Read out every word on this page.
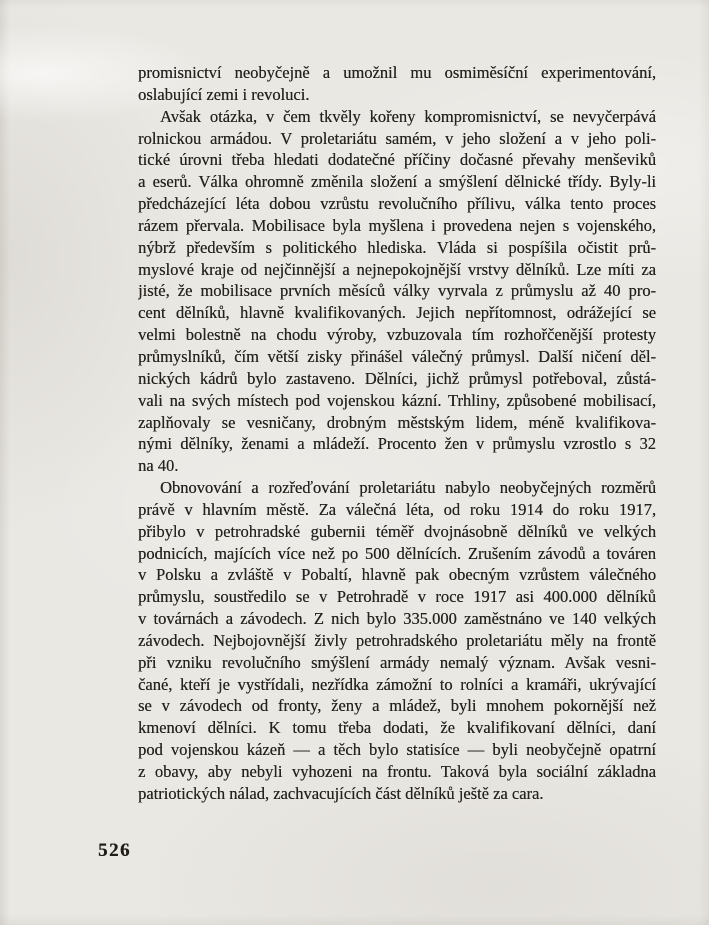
promisnictví neobyčejně a umožnil mu osmiměsíční experimentování,
oslabující zemi i revoluci.
Avšak otázka, v čem tkvěly kořeny kompromisnictví, se nevyčerpává
rolnickou armádou. V proletariátu samém, v jeho složení a v jeho poli-
tické úrovni třeba hledati dodatečné příčiny dočasné převahy menševiků
a eserů. Válka ohromně změnila složení a smýšlení dělnické třídy. Byly-li
předcházející léta dobou vzrůstu revolučního přílivu, válka tento proces
rázem přervala. Mobilisace byla myšlena i provedena nejen s vojenského,
nýbrž především s politického hlediska. Vláda si pospíšila očistit prů-
myslové kraje od nejčinnější a nejnepokojnější vrstvy dělníků. Lze míti za
jisté, že mobilisace prvních měsíců války vyrvala z průmyslu až 40 pro-
cent dělníků, hlavně kvalifikovaných. Jejich nepřítomnost, odrážející se
velmi bolestně na chodu výroby, vzbuzovala tím rozhořčenější protesty
průmyslníků, čím větší zisky přinášel válečný průmysl. Další ničení děl-
nických kádrů bylo zastaveno. Dělníci, jichž průmysl potřeboval, zůstá-
vali na svých místech pod vojenskou kázní. Trhliny, způsobené mobilisací,
zaplňovaly se vesničany, drobným městským lidem, méně kvalifikova-
nými dělníky, ženami a mládeží. Procento žen v průmyslu vzrostlo s 32
na 40.
Obnovování a rozřeďování proletariátu nabylo neobyčejných rozměrů
právě v hlavním městě. Za válečná léta, od roku 1914 do roku 1917,
přibylo v petrohradské gubernii téměř dvojnásobně dělníků ve velkých
podnicích, majících více než po 500 dělnících. Zrušením závodů a továren
v Polsku a zvláště v Pobaltí, hlavně pak obecným vzrůstem válečného
průmyslu, soustředilo se v Petrohradě v roce 1917 asi 400.000 dělníků
v továrnách a závodech. Z nich bylo 335.000 zaměstnáno ve 140 velkých
závodech. Nejbojovnější živly petrohradského proletariátu měly na frontě
při vzniku revolučního smýšlení armády nemalý význam. Avšak vesni-
čané, kteří je vystřídali, nezřídka zámožní to rolníci a kramáři, ukrývající
se v závodech od fronty, ženy a mládež, byli mnohem pokornější než
kmenoví dělníci. K tomu třeba dodati, že kvalifikovaní dělníci, daní
pod vojenskou kázeň — a těch bylo statisíce — byli neobyčejně opatrní
z obavy, aby nebyli vyhozeni na frontu. Taková byla sociální základna
patriotických nálad, zachvacujících část dělníků ještě za cara.
526
